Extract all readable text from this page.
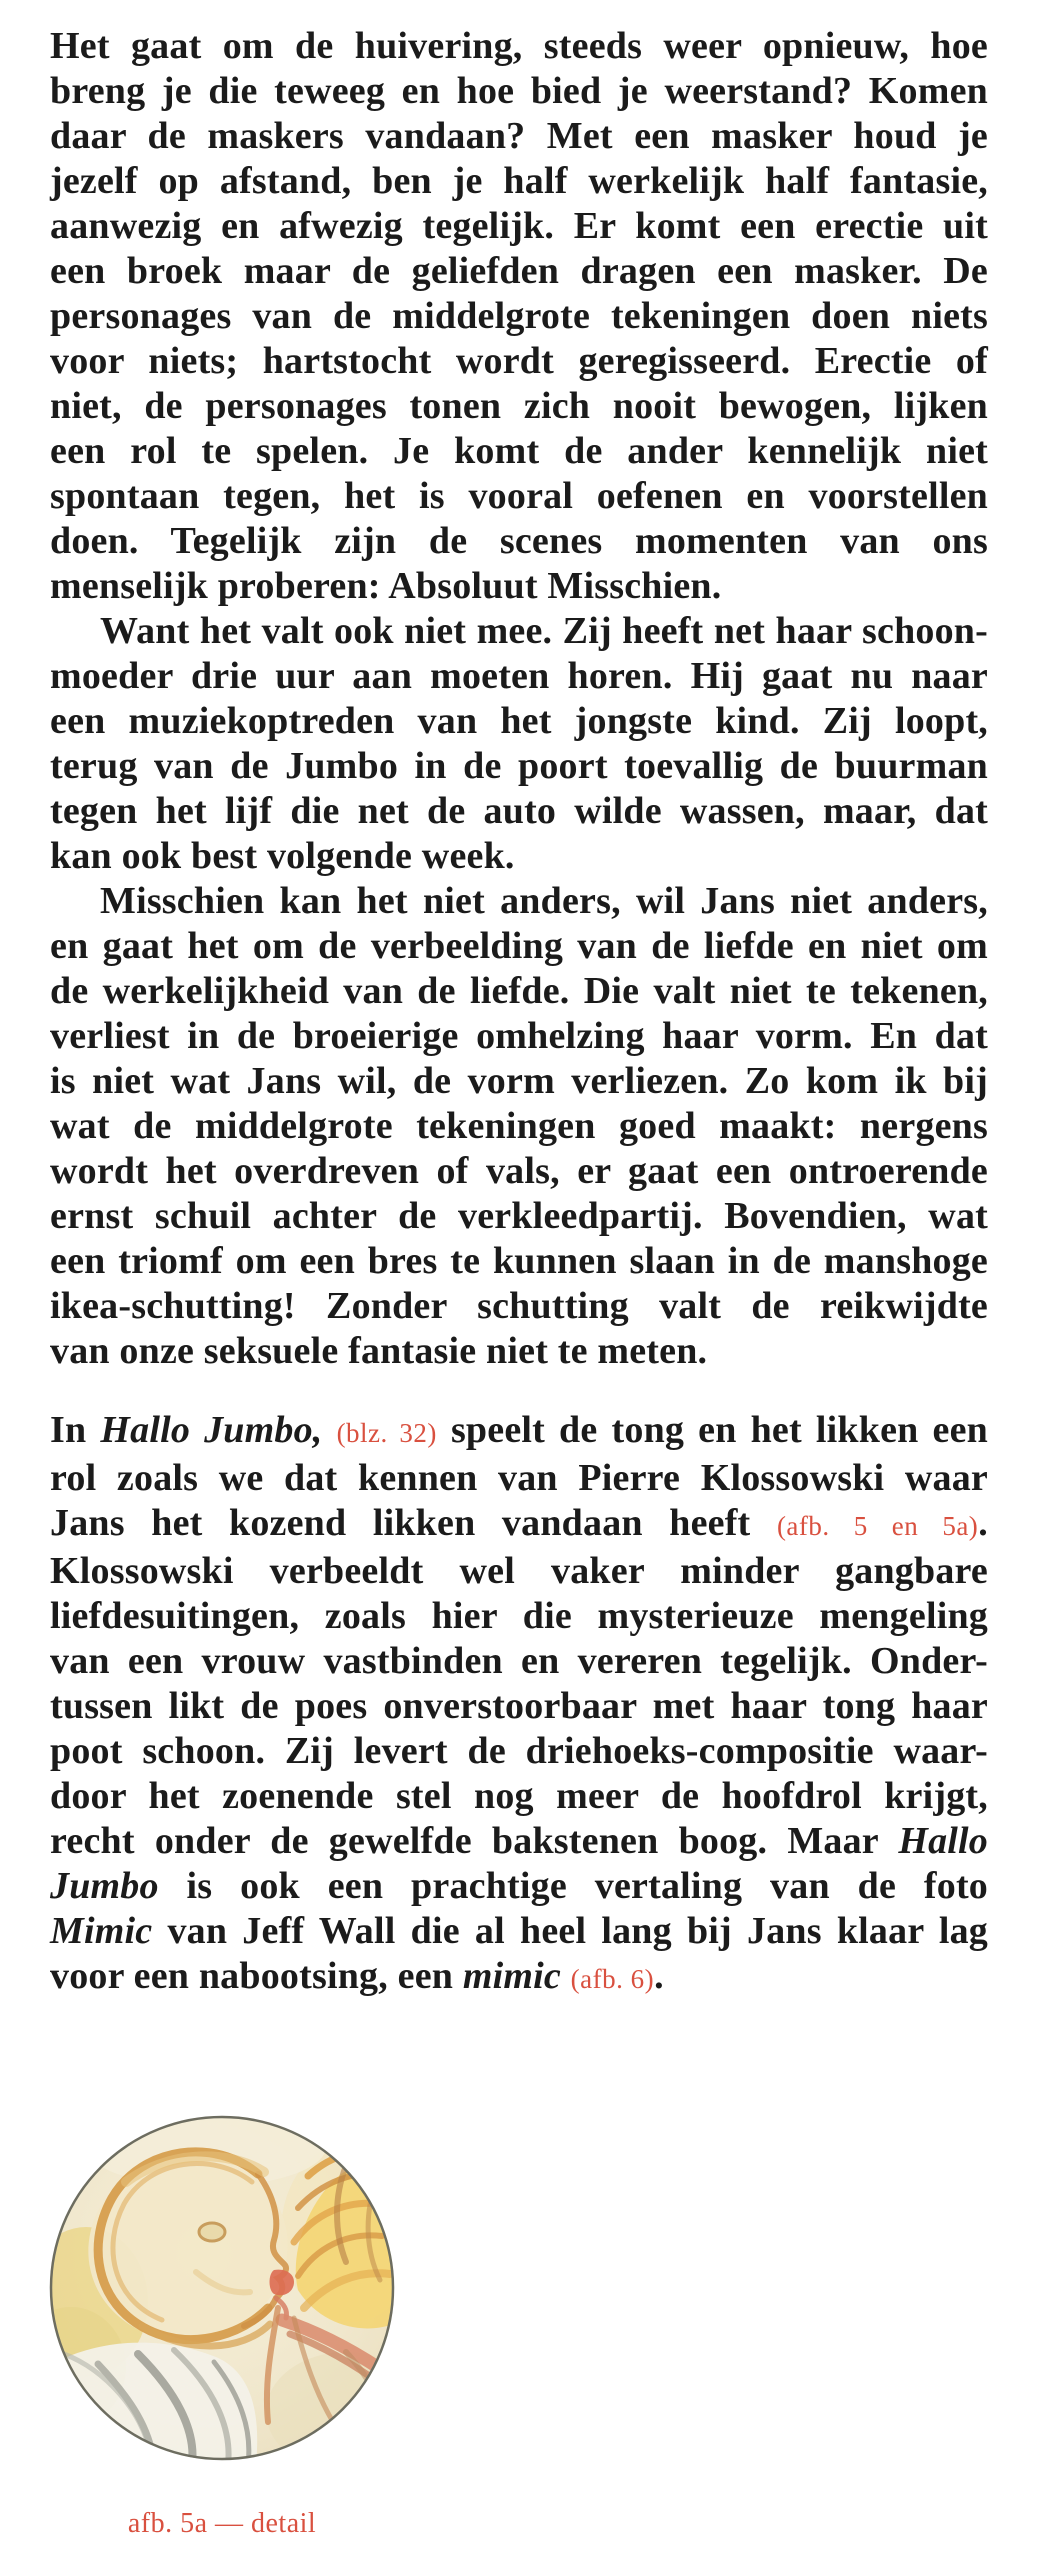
Het gaat om de huivering, steeds weer opnieuw, hoe
breng je die teweeg en hoe bied je weerstand? Komen
daar de maskers vandaan? Met een masker houd je
jezelf op afstand, ben je half werkelijk half fantasie,
aanwezig en afwezig tegelijk. Er komt een erectie uit
een broek maar de geliefden dragen een masker. De
personages van de middelgrote tekeningen doen niets
voor niets; hartstocht wordt geregisseerd. Erectie of
niet, de personages tonen zich nooit bewogen, lijken
een rol te spelen. Je komt de ander kennelijk niet
spontaan tegen, het is vooral oefenen en voorstellen
doen. Tegelijk zijn de scenes momenten van ons
menselijk proberen: Absoluut Misschien.
Want het valt ook niet mee. Zij heeft net haar schoon-
moeder drie uur aan moeten horen. Hij gaat nu naar
een muziekoptreden van het jongste kind. Zij loopt,
terug van de Jumbo in de poort toevallig de buurman
tegen het lijf die net de auto wilde wassen, maar, dat
kan ook best volgende week.
Misschien kan het niet anders, wil Jans niet anders,
en gaat het om de verbeelding van de liefde en niet om
de werkelijkheid van de liefde. Die valt niet te tekenen,
verliest in de broeierige omhelzing haar vorm. En dat
is niet wat Jans wil, de vorm verliezen. Zo kom ik bij
wat de middelgrote tekeningen goed maakt: nergens
wordt het overdreven of vals, er gaat een ontroerende
ernst schuil achter de verkleedpartij. Bovendien, wat
een triomf om een bres te kunnen slaan in de manshoge
ikea-schutting! Zonder schutting valt de reikwijdte
van onze seksuele fantasie niet te meten.
In Hallo Jumbo, (blz. 32) speelt de tong en het likken een
rol zoals we dat kennen van Pierre Klossowski waar
Jans het kozend likken vandaan heeft (afb. 5 en 5a).
Klossowski verbeeldt wel vaker minder gangbare
liefdesuitingen, zoals hier die mysterieuze mengeling
van een vrouw vastbinden en vereren tegelijk. Onder-
tussen likt de poes onverstoorbaar met haar tong haar
poot schoon. Zij levert de driehoeks-compositie waar-
door het zoenende stel nog meer de hoofdrol krijgt,
recht onder de gewelfde bakstenen boog. Maar Hallo
Jumbo is ook een prachtige vertaling van de foto
Mimic van Jeff Wall die al heel lang bij Jans klaar lag
voor een nabootsing, een mimic (afb. 6).
afb. 5a — detail
